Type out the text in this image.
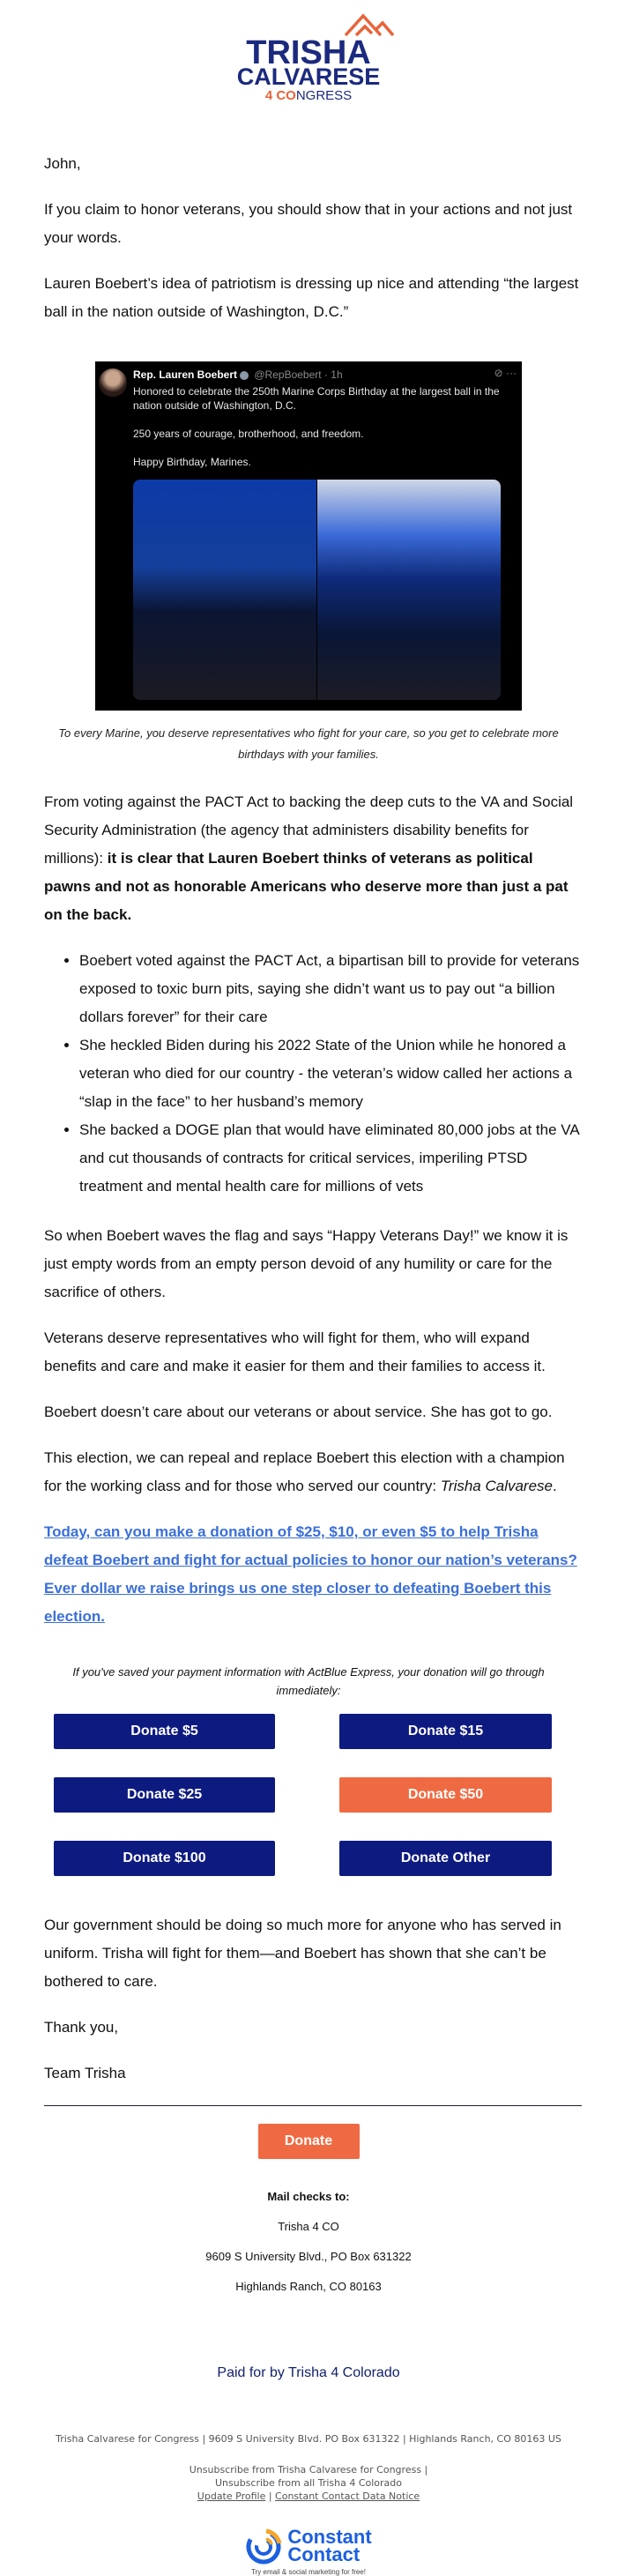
TRISHA
CALVARESE
4 CONGRESS

John,

If you claim to honor veterans, you should show that in your actions and not just your words.

Lauren Boebert’s idea of patriotism is dressing up nice and attending “the largest ball in the nation outside of Washington, D.C.”

Rep. Lauren Boebert @RepBoebert · 1h	⊘ ···
Honored to celebrate the 250th Marine Corps Birthday at the largest ball in the nation outside of Washington, D.C.

250 years of courage, brotherhood, and freedom.

Happy Birthday, Marines.
To every Marine, you deserve representatives who fight for your care, so you get to celebrate more birthdays with your families.

From voting against the PACT Act to backing the deep cuts to the VA and Social Security Administration (the agency that administers disability benefits for millions): it is clear that Lauren Boebert thinks of veterans as political pawns and not as honorable Americans who deserve more than just a pat on the back.

• Boebert voted against the PACT Act, a bipartisan bill to provide for veterans exposed to toxic burn pits, saying she didn’t want us to pay out “a billion dollars forever” for their care
• She heckled Biden during his 2022 State of the Union while he honored a veteran who died for our country - the veteran’s widow called her actions a “slap in the face” to her husband’s memory
• She backed a DOGE plan that would have eliminated 80,000 jobs at the VA and cut thousands of contracts for critical services, imperiling PTSD treatment and mental health care for millions of vets

So when Boebert waves the flag and says “Happy Veterans Day!” we know it is just empty words from an empty person devoid of any humility or care for the sacrifice of others.

Veterans deserve representatives who will fight for them, who will expand benefits and care and make it easier for them and their families to access it.

Boebert doesn’t care about our veterans or about service. She has got to go.

This election, we can repeal and replace Boebert this election with a champion for the working class and for those who served our country: Trisha Calvarese.

Today, can you make a donation of $25, $10, or even $5 to help Trisha defeat Boebert and fight for actual policies to honor our nation’s veterans? Ever dollar we raise brings us one step closer to defeating Boebert this election.

If you've saved your payment information with ActBlue Express, your donation will go through immediately:
Donate $5	Donate $15
Donate $25	Donate $50
Donate $100	Donate Other

Our government should be doing so much more for anyone who has served in uniform. Trisha will fight for them—and Boebert has shown that she can’t be bothered to care.

Thank you,

Team Trisha

Donate
Mail checks to:
Trisha 4 CO
9609 S University Blvd., PO Box 631322
Highlands Ranch, CO 80163
Paid for by Trisha 4 Colorado
Trisha Calvarese for Congress | 9609 S University Blvd. PO Box 631322 | Highlands Ranch, CO 80163 US
Unsubscribe from Trisha Calvarese for Congress |
Unsubscribe from all Trisha 4 Colorado
Update Profile | Constant Contact Data Notice
Constant
Contact
Try email & social marketing for free!
